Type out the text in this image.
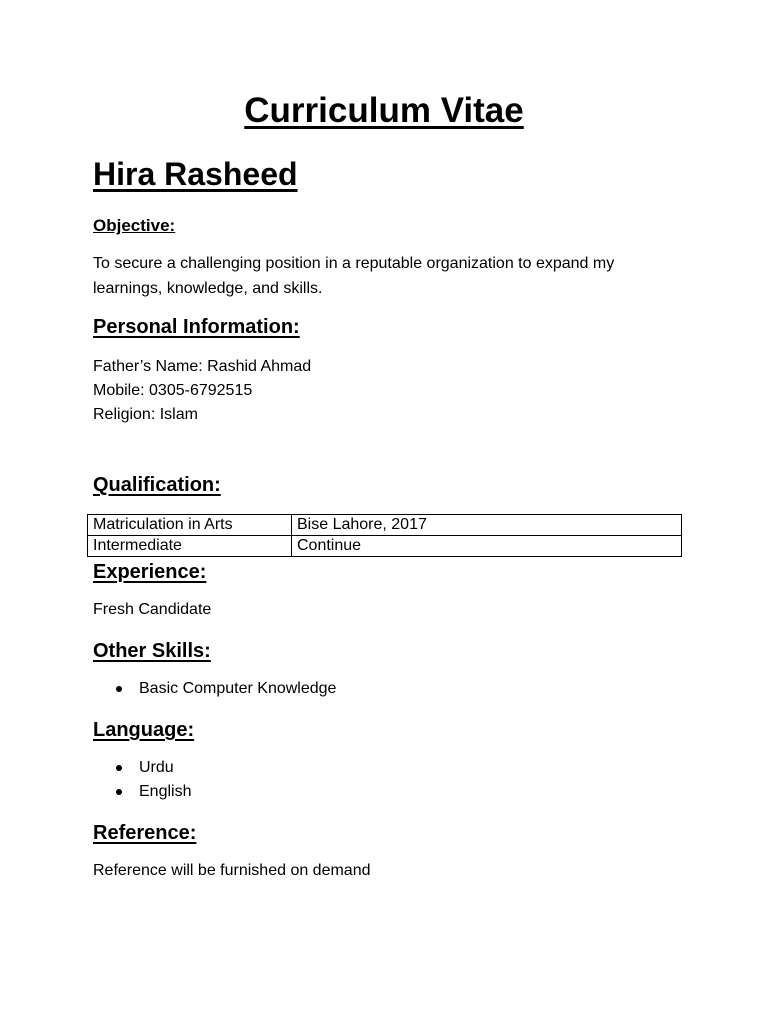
Curriculum Vitae
Hira Rasheed
Objective:

To secure a challenging position in a reputable organization to expand my learnings, knowledge, and skills.

Personal Information:
Father’s Name: Rashid Ahmad
Mobile: 0305-6792515
Religion: Islam
Qualification:
Matriculation in Arts	Bise Lahore, 2017
Intermediate	Continue
Experience:
Fresh Candidate
Other Skills:
Basic Computer Knowledge
Language:
Urdu
English
Reference:
Reference will be furnished on demand
